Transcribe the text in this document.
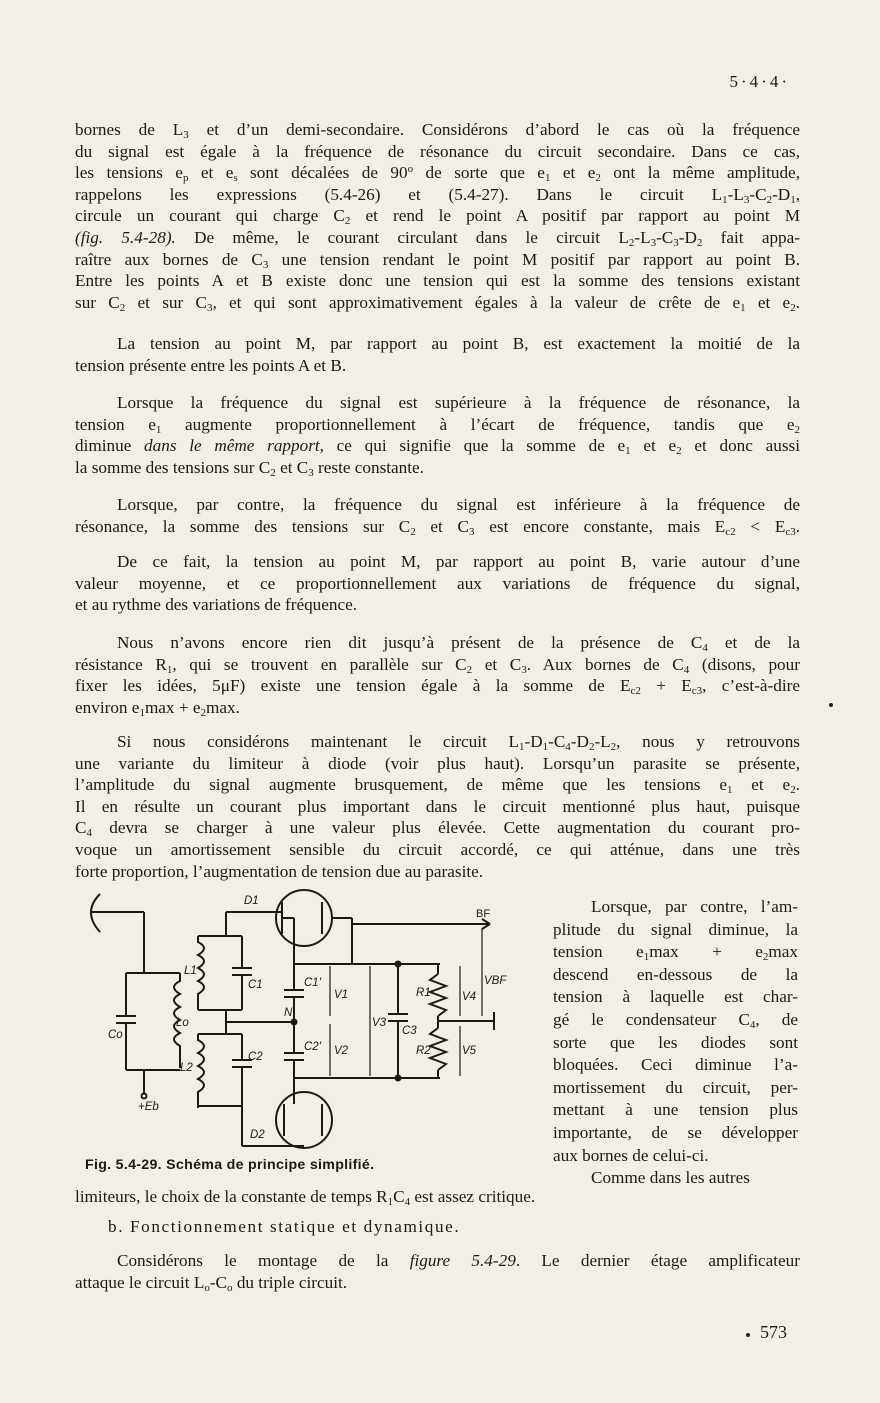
5·4·4·
bornes de $L_3$ et d’un demi-secondaire. Considérons d’abord le cas où la fréquence
du signal est égale à la fréquence de résonance du circuit secondaire. Dans ce cas,
les tensions $e_p$ et $e_s$ sont décalées de 90$^o$ de sorte que $e_1$ et $e_2$ ont la même amplitude,
rappelons les expressions (5.4-26) et (5.4-27). Dans le circuit $L_1-L_3-C_2-D_1$,
circule un courant qui charge $C_2$ et rend le point A positif par rapport au point M
(fig. 5.4-28). De même, le courant circulant dans le circuit $L_2-L_3-C_3-D_2$ fait appa-
raître aux bornes de $C_3$ une tension rendant le point M positif par rapport au point B.
Entre les points A et B existe donc une tension qui est la somme des tensions existant
sur $C_2$ et sur $C_3$, et qui sont approximativement égales à la valeur de crête de $e_1$ et $e_2$.
La tension au point M, par rapport au point B, est exactement la moitié de la
tension présente entre les points A et B.
Lorsque la fréquence du signal est supérieure à la fréquence de résonance, la
tension $e_1$ augmente proportionnellement à l’écart de fréquence, tandis que $e_2$
diminue dans le même rapport, ce qui signifie que la somme de $e_1$ et $e_2$ et donc aussi
la somme des tensions sur $C_2$ et $C_3$ reste constante.
Lorsque, par contre, la fréquence du signal est inférieure à la fréquence de
résonance, la somme des tensions sur $C_2$ et $C_3$ est encore constante, mais $E_{c2} < E_{c3}$.
De ce fait, la tension au point M, par rapport au point B, varie autour d’une
valeur moyenne, et ce proportionnellement aux variations de fréquence du signal,
et au rythme des variations de fréquence.
Nous n’avons encore rien dit jusqu’à présent de la présence de $C_4$ et de la
résistance $R_1$, qui se trouvent en parallèle sur $C_2$ et $C_3$. Aux bornes de $C_4$ (disons, pour
fixer les idées, 5μF) existe une tension égale à la somme de $E_{c2} + E_{c3}$, c’est-à-dire
environ $e_1\max + e_2\max$.
Si nous considérons maintenant le circuit $L_1-D_1-C_4-D_2-L_2$, nous y retrouvons
une variante du limiteur à diode (voir plus haut). Lorsqu’un parasite se présente,
l’amplitude du signal augmente brusquement, de même que les tensions $e_1$ et $e_2$.
Il en résulte un courant plus important dans le circuit mentionné plus haut, puisque
$C_4$ devra se charger à une valeur plus élevée. Cette augmentation du courant pro-
voque un amortissement sensible du circuit accordé, ce qui atténue, dans une très
forte proportion, l’augmentation de tension due au parasite.
Lorsque, par contre, l’am-
plitude du signal diminue, la
tension $e_1\max + e_2\max$
descend en-dessous de la
tension à laquelle est char-
gé le condensateur $C_4$, de
sorte que les diodes sont
bloquées. Ceci diminue l’a-
mortissement du circuit, per-
mettant à une tension plus
importante, de se développer
aux bornes de celui-ci.
Comme dans les autres
limiteurs, le choix de la constante de temps $R_1C_4$ est assez critique.
D1
L1
C1
Co
Lo
L2
C2
C1'
C2'
N
V1
V2
V3
C3
R1
R2
V4
V5
VBF
BF
+Eb
D2
Fig. 5.4-29. Schéma de principe simplifié.
b. Fonctionnement statique et dynamique.
Considérons le montage de la figure 5.4-29. Le dernier étage amplificateur
attaque le circuit $L_o-C_o$ du triple circuit.
573
